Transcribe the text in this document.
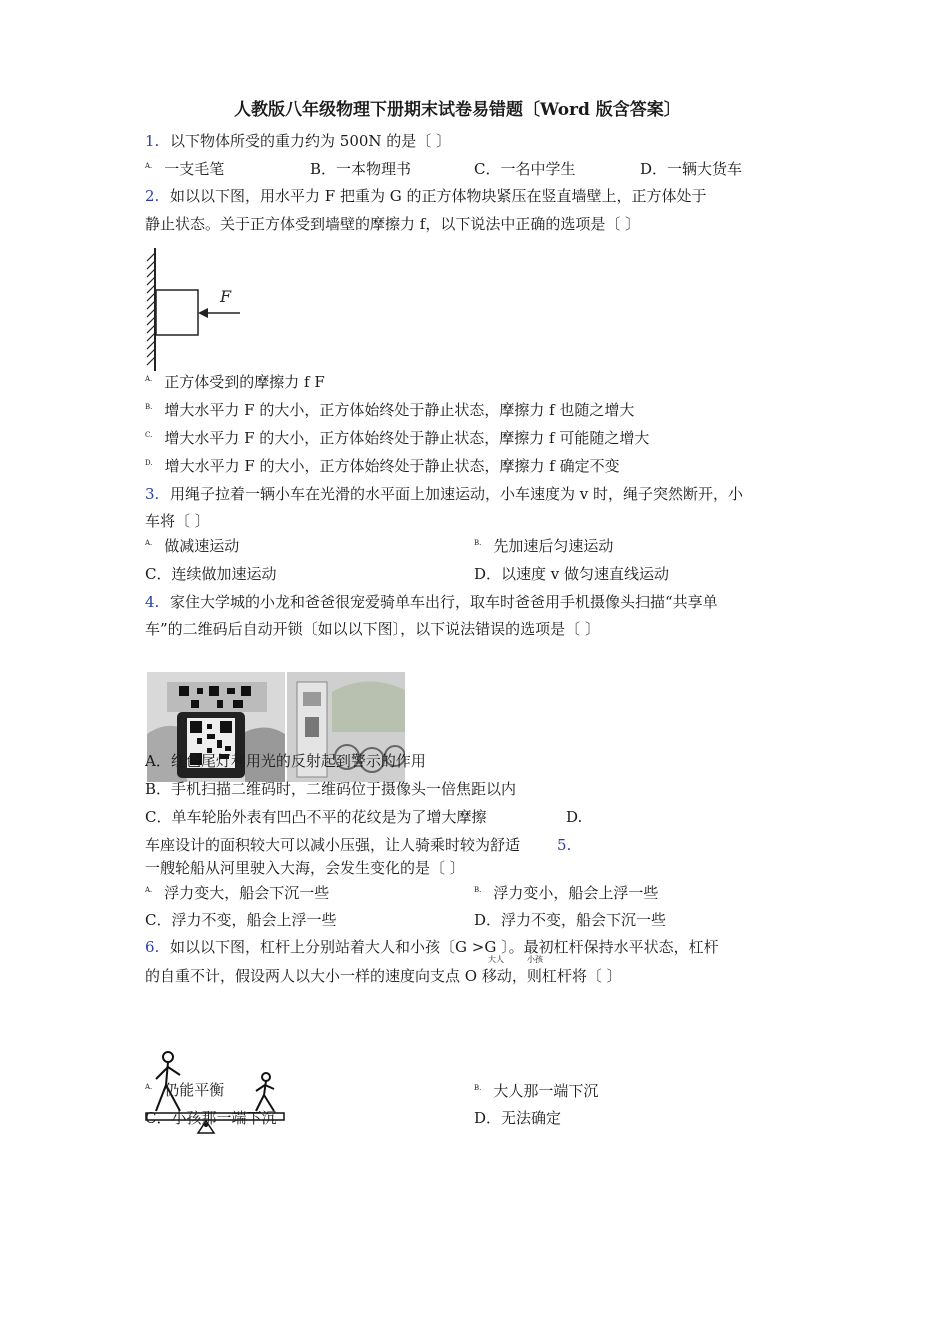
人教版八年级物理下册期末试卷易错题〔Word 版含答案〕
1. 以下物体所受的重力约为 500N 的是〔 〕
$^{A.}$ 一支毛笔	B．一本物理书	C．一名中学生	D．一辆大货车
2. 如以以下图，用水平力 F 把重为 G 的正方体物块紧压在竖直墙壁上，正方体处于
静止状态。关于正方体受到墙壁的摩擦力 f，以下说法中正确的选项是〔 〕
F
$^{A.}$ 正方体受到的摩擦力 f F
$^{B.}$ 增大水平力 F 的大小，正方体始终处于静止状态，摩擦力 f 也随之增大
$^{C.}$ 增大水平力 F 的大小，正方体始终处于静止状态，摩擦力 f 可能随之增大
$^{D.}$ 增大水平力 F 的大小，正方体始终处于静止状态，摩擦力 f 确定不变
3. 用绳子拉着一辆小车在光滑的水平面上加速运动，小车速度为 v 时，绳子突然断开，小
车将〔 〕
$^{A.}$ 做减速运动	$^{B.}$ 先加速后匀速运动
C．连续做加速运动	D．以速度 v 做匀速直线运动
4. 家住大学城的小龙和爸爸很宠爱骑单车出行，取车时爸爸用手机摄像头扫描“共享单
车”的二维码后自动开锁〔如以以下图〕，以下说法错误的选项是〔 〕
A．红色尾灯利用光的反射起到警示的作用
B．手机扫描二维码时，二维码位于摄像头一倍焦距以内
C．单车轮胎外表有凹凸不平的花纹是为了增大摩擦	D.
车座设计的面积较大可以减小压强，让人骑乘时较为舒适 5.
一艘轮船从河里驶入大海，会发生变化的是〔 〕
$^{A.}$ 浮力变大，船会下沉一些	$^{B.}$ 浮力变小，船会上浮一些
C．浮力不变，船会上浮一些	D．浮力不变，船会下沉一些
6. 如以以下图，杠杆上分别站着大人和小孩〔G >G 〕。最初杠杆保持水平状态，杠杆
大人	小孩
的自重不计，假设两人以大小一样的速度向支点 O 移动，则杠杆将〔 〕
$^{A.}$ 仍能平衡	$^{B.}$ 大人那一端下沉
C．小孩那一端下沉	D．无法确定
